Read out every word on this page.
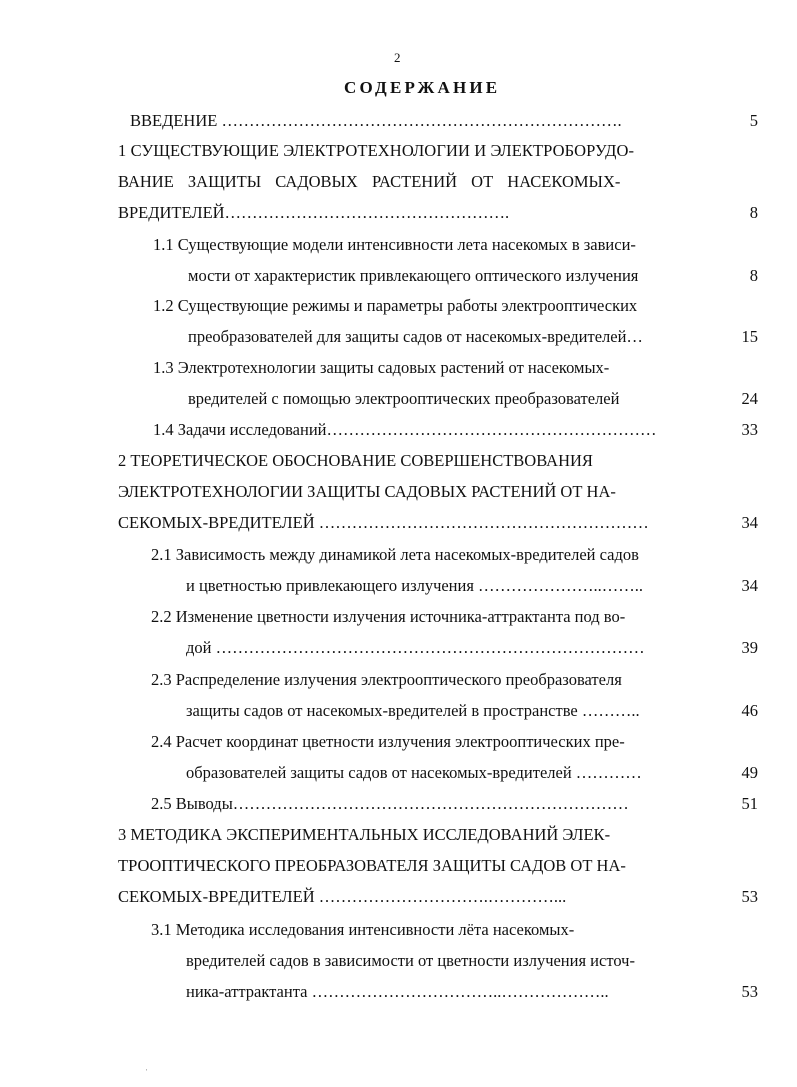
2
СОДЕРЖАНИЕ
ВВЕДЕНИЕ ……………………………………………………………….	5
1 СУЩЕСТВУЮЩИЕ ЭЛЕКТРОТЕХНОЛОГИИ И ЭЛЕКТРОБОРУДО-
ВАНИЕ ЗАЩИТЫ САДОВЫХ РАСТЕНИЙ ОТ НАСЕКОМЫХ-
ВРЕДИТЕЛЕЙ…………………………………………….	8
1.1 Существующие модели интенсивности лета насекомых в зависи-
мости от характеристик привлекающего оптического излучения	8
1.2 Существующие режимы и параметры работы электрооптических
преобразователей для защиты садов от насекомых-вредителей…	15
1.3 Электротехнологии защиты садовых растений от насекомых-
вредителей с помощью электрооптических преобразователей	24
1.4 Задачи исследований……………………………………………………	33
2 ТЕОРЕТИЧЕСКОЕ ОБОСНОВАНИЕ СОВЕРШЕНСТВОВАНИЯ
ЭЛЕКТРОТЕХНОЛОГИИ ЗАЩИТЫ САДОВЫХ РАСТЕНИЙ ОТ НА-
СЕКОМЫХ-ВРЕДИТЕЛЕЙ ……………………………………………………	34
2.1 Зависимость между динамикой лета насекомых-вредителей садов
и цветностью привлекающего излучения …………………..……..	34
2.2 Изменение цветности излучения источника-аттрактанта под во-
дой ……………………………………………………………………	39
2.3 Распределение излучения электрооптического преобразователя
защиты садов от насекомых-вредителей в пространстве ………..	46
2.4 Расчет координат цветности излучения электрооптических пре-
образователей защиты садов от насекомых-вредителей …………	49
2.5 Выводы………………………………………………………………	51
3 МЕТОДИКА ЭКСПЕРИМЕНТАЛЬНЫХ ИССЛЕДОВАНИЙ ЭЛЕК-
ТРООПТИЧЕСКОГО ПРЕОБРАЗОВАТЕЛЯ ЗАЩИТЫ САДОВ ОТ НА-
СЕКОМЫХ-ВРЕДИТЕЛЕЙ ………………………….…………...	53
3.1 Методика исследования интенсивности лёта насекомых-
вредителей садов в зависимости от цветности излучения источ-
ника-аттрактанта ……………………………..………………..	53
ˈ
